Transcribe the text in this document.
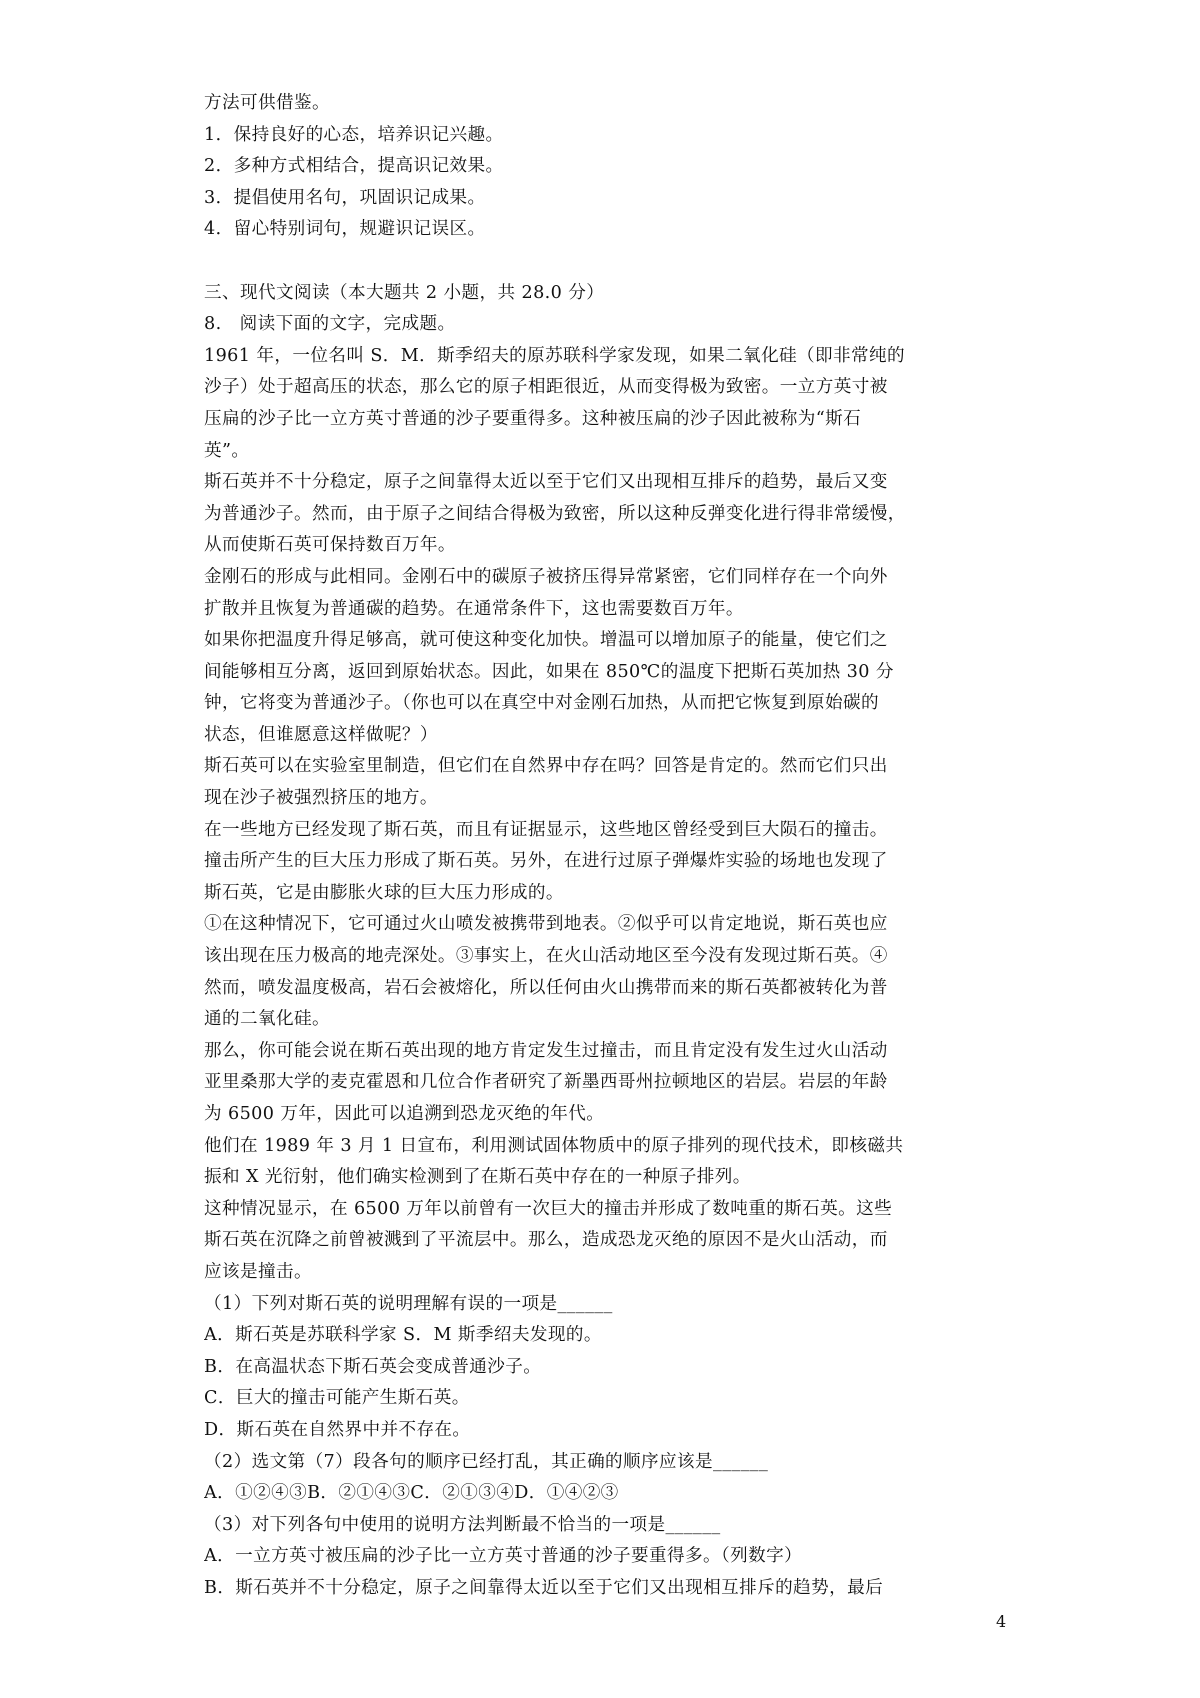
方法可供借鉴。

1．保持良好的心态，培养识记兴趣。

2．多种方式相结合，提高识记效果。

3．提倡使用名句，巩固识记成果。

4．留心特别词句，规避识记误区。

三、现代文阅读（本大题共 2 小题，共 28.0 分）

8.　阅读下面的文字，完成题。

1961 年，一位名叫 S．M．斯季绍夫的原苏联科学家发现，如果二氧化硅（即非常纯的

沙子）处于超高压的状态，那么它的原子相距很近，从而变得极为致密。一立方英寸被

压扁的沙子比一立方英寸普通的沙子要重得多。这种被压扁的沙子因此被称为“斯石

英”。

斯石英并不十分稳定，原子之间靠得太近以至于它们又出现相互排斥的趋势，最后又变

为普通沙子。然而，由于原子之间结合得极为致密，所以这种反弹变化进行得非常缓慢，

从而使斯石英可保持数百万年。

金刚石的形成与此相同。金刚石中的碳原子被挤压得异常紧密，它们同样存在一个向外

扩散并且恢复为普通碳的趋势。在通常条件下，这也需要数百万年。

如果你把温度升得足够高，就可使这种变化加快。增温可以增加原子的能量，使它们之

间能够相互分离，返回到原始状态。因此，如果在 850℃的温度下把斯石英加热 30 分

钟，它将变为普通沙子。（你也可以在真空中对金刚石加热，从而把它恢复到原始碳的

状态，但谁愿意这样做呢？）

斯石英可以在实验室里制造，但它们在自然界中存在吗？回答是肯定的。然而它们只出

现在沙子被强烈挤压的地方。

在一些地方已经发现了斯石英，而且有证据显示，这些地区曾经受到巨大陨石的撞击。

撞击所产生的巨大压力形成了斯石英。另外，在进行过原子弹爆炸实验的场地也发现了

斯石英，它是由膨胀火球的巨大压力形成的。

①在这种情况下，它可通过火山喷发被携带到地表。②似乎可以肯定地说，斯石英也应

该出现在压力极高的地壳深处。③事实上，在火山活动地区至今没有发现过斯石英。④

然而，喷发温度极高，岩石会被熔化，所以任何由火山携带而来的斯石英都被转化为普

通的二氧化硅。

那么，你可能会说在斯石英出现的地方肯定发生过撞击，而且肯定没有发生过火山活动

亚里桑那大学的麦克霍恩和几位合作者研究了新墨西哥州拉顿地区的岩层。岩层的年龄

为 6500 万年，因此可以追溯到恐龙灭绝的年代。

他们在 1989 年 3 月 1 日宣布，利用测试固体物质中的原子排列的现代技术，即核磁共

振和 X 光衍射，他们确实检测到了在斯石英中存在的一种原子排列。

这种情况显示，在 6500 万年以前曾有一次巨大的撞击并形成了数吨重的斯石英。这些

斯石英在沉降之前曾被溅到了平流层中。那么，造成恐龙灭绝的原因不是火山活动，而

应该是撞击。

（1）下列对斯石英的说明理解有误的一项是______

A．斯石英是苏联科学家 S．M 斯季绍夫发现的。

B．在高温状态下斯石英会变成普通沙子。

C．巨大的撞击可能产生斯石英。

D．斯石英在自然界中并不存在。

（2）选文第（7）段各句的顺序已经打乱，其正确的顺序应该是______

A．①②④③B．②①④③C．②①③④D．①④②③

（3）对下列各句中使用的说明方法判断最不恰当的一项是______

A．一立方英寸被压扁的沙子比一立方英寸普通的沙子要重得多。（列数字）

B．斯石英并不十分稳定，原子之间靠得太近以至于它们又出现相互排斥的趋势，最后

4
